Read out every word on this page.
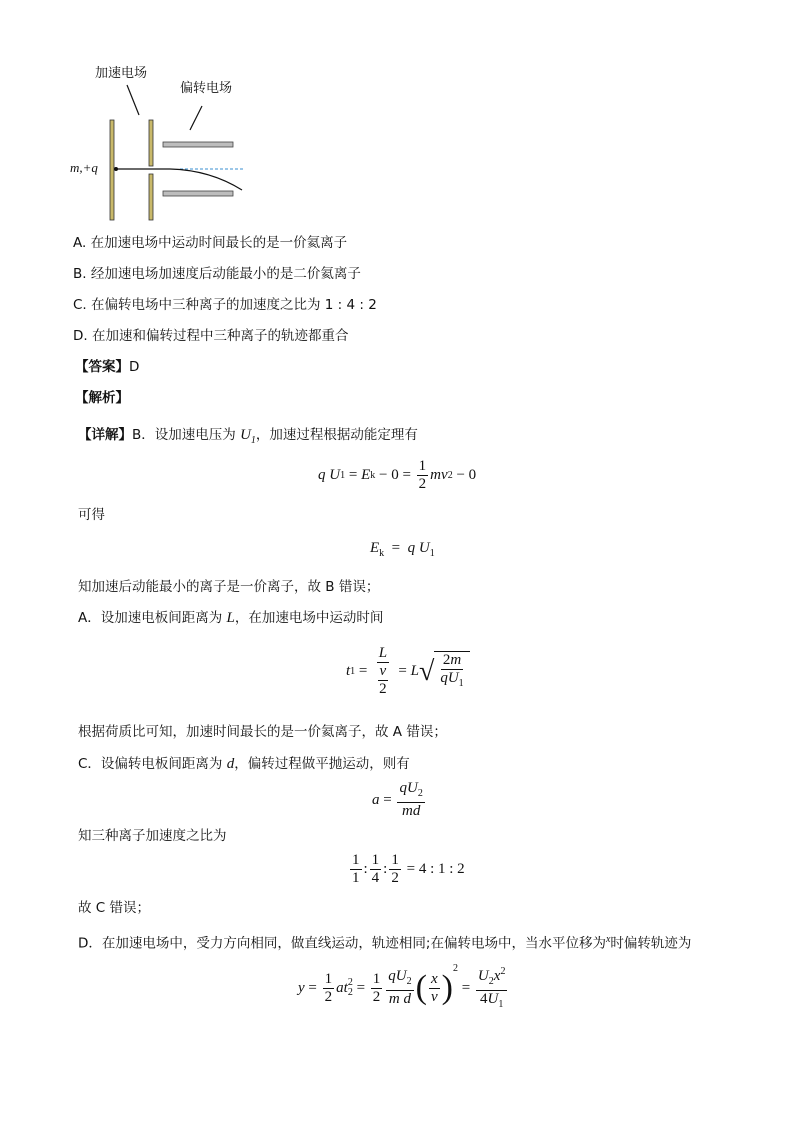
加速电场
偏转电场
m,+q
A. 在加速电场中运动时间最长的是一价氦离子
B. 经加速电场加速度后动能最小的是二价氦离子
C. 在偏转电场中三种离子的加速度之比为 1 : 4 : 2
D. 在加速和偏转过程中三种离子的轨迹都重合
【答案】D
【解析】
【详解】B．设加速电压为 $U_1$，加速过程根据动能定理有
q
U 1
=
E k
−
0
=
$\frac{1}{2}$ m v 2
−
0
可得
$E_k = q$ $U_1$
知加速后动能最小的离子是一价离子，故 B 错误；
A．设加速电板间距离为 L，在加速电场中运动时间
t 1
=
$\frac{L}{\frac{v}{2}}$
=
L √ $\frac{2m}{qU_1}$
根据荷质比可知，加速时间最长的是一价氦离子，故 A 错误；
C．设偏转电板间距离为 d，偏转过程做平抛运动，则有
a
=
$\frac{qU_2}{md}$
知三种离子加速度之比为
$\frac{1}{1}$ : $\frac{1}{4}$ : $\frac{1}{2}$
=
4 : 1 : 2
故 C 错误；
D．在加速电场中，受力方向相同，做直线运动，轨迹相同;在偏转电场中，当水平位移为$^x$时偏转轨迹为
y
=
$\frac{1}{2}$ a t 2
2
=
$\frac{1}{2} \frac{qU_2}{\text{m d}}$ ( $\frac{x}{v}$ )
$^2$

=
$\frac{U_2x^2}{4U_1}$
